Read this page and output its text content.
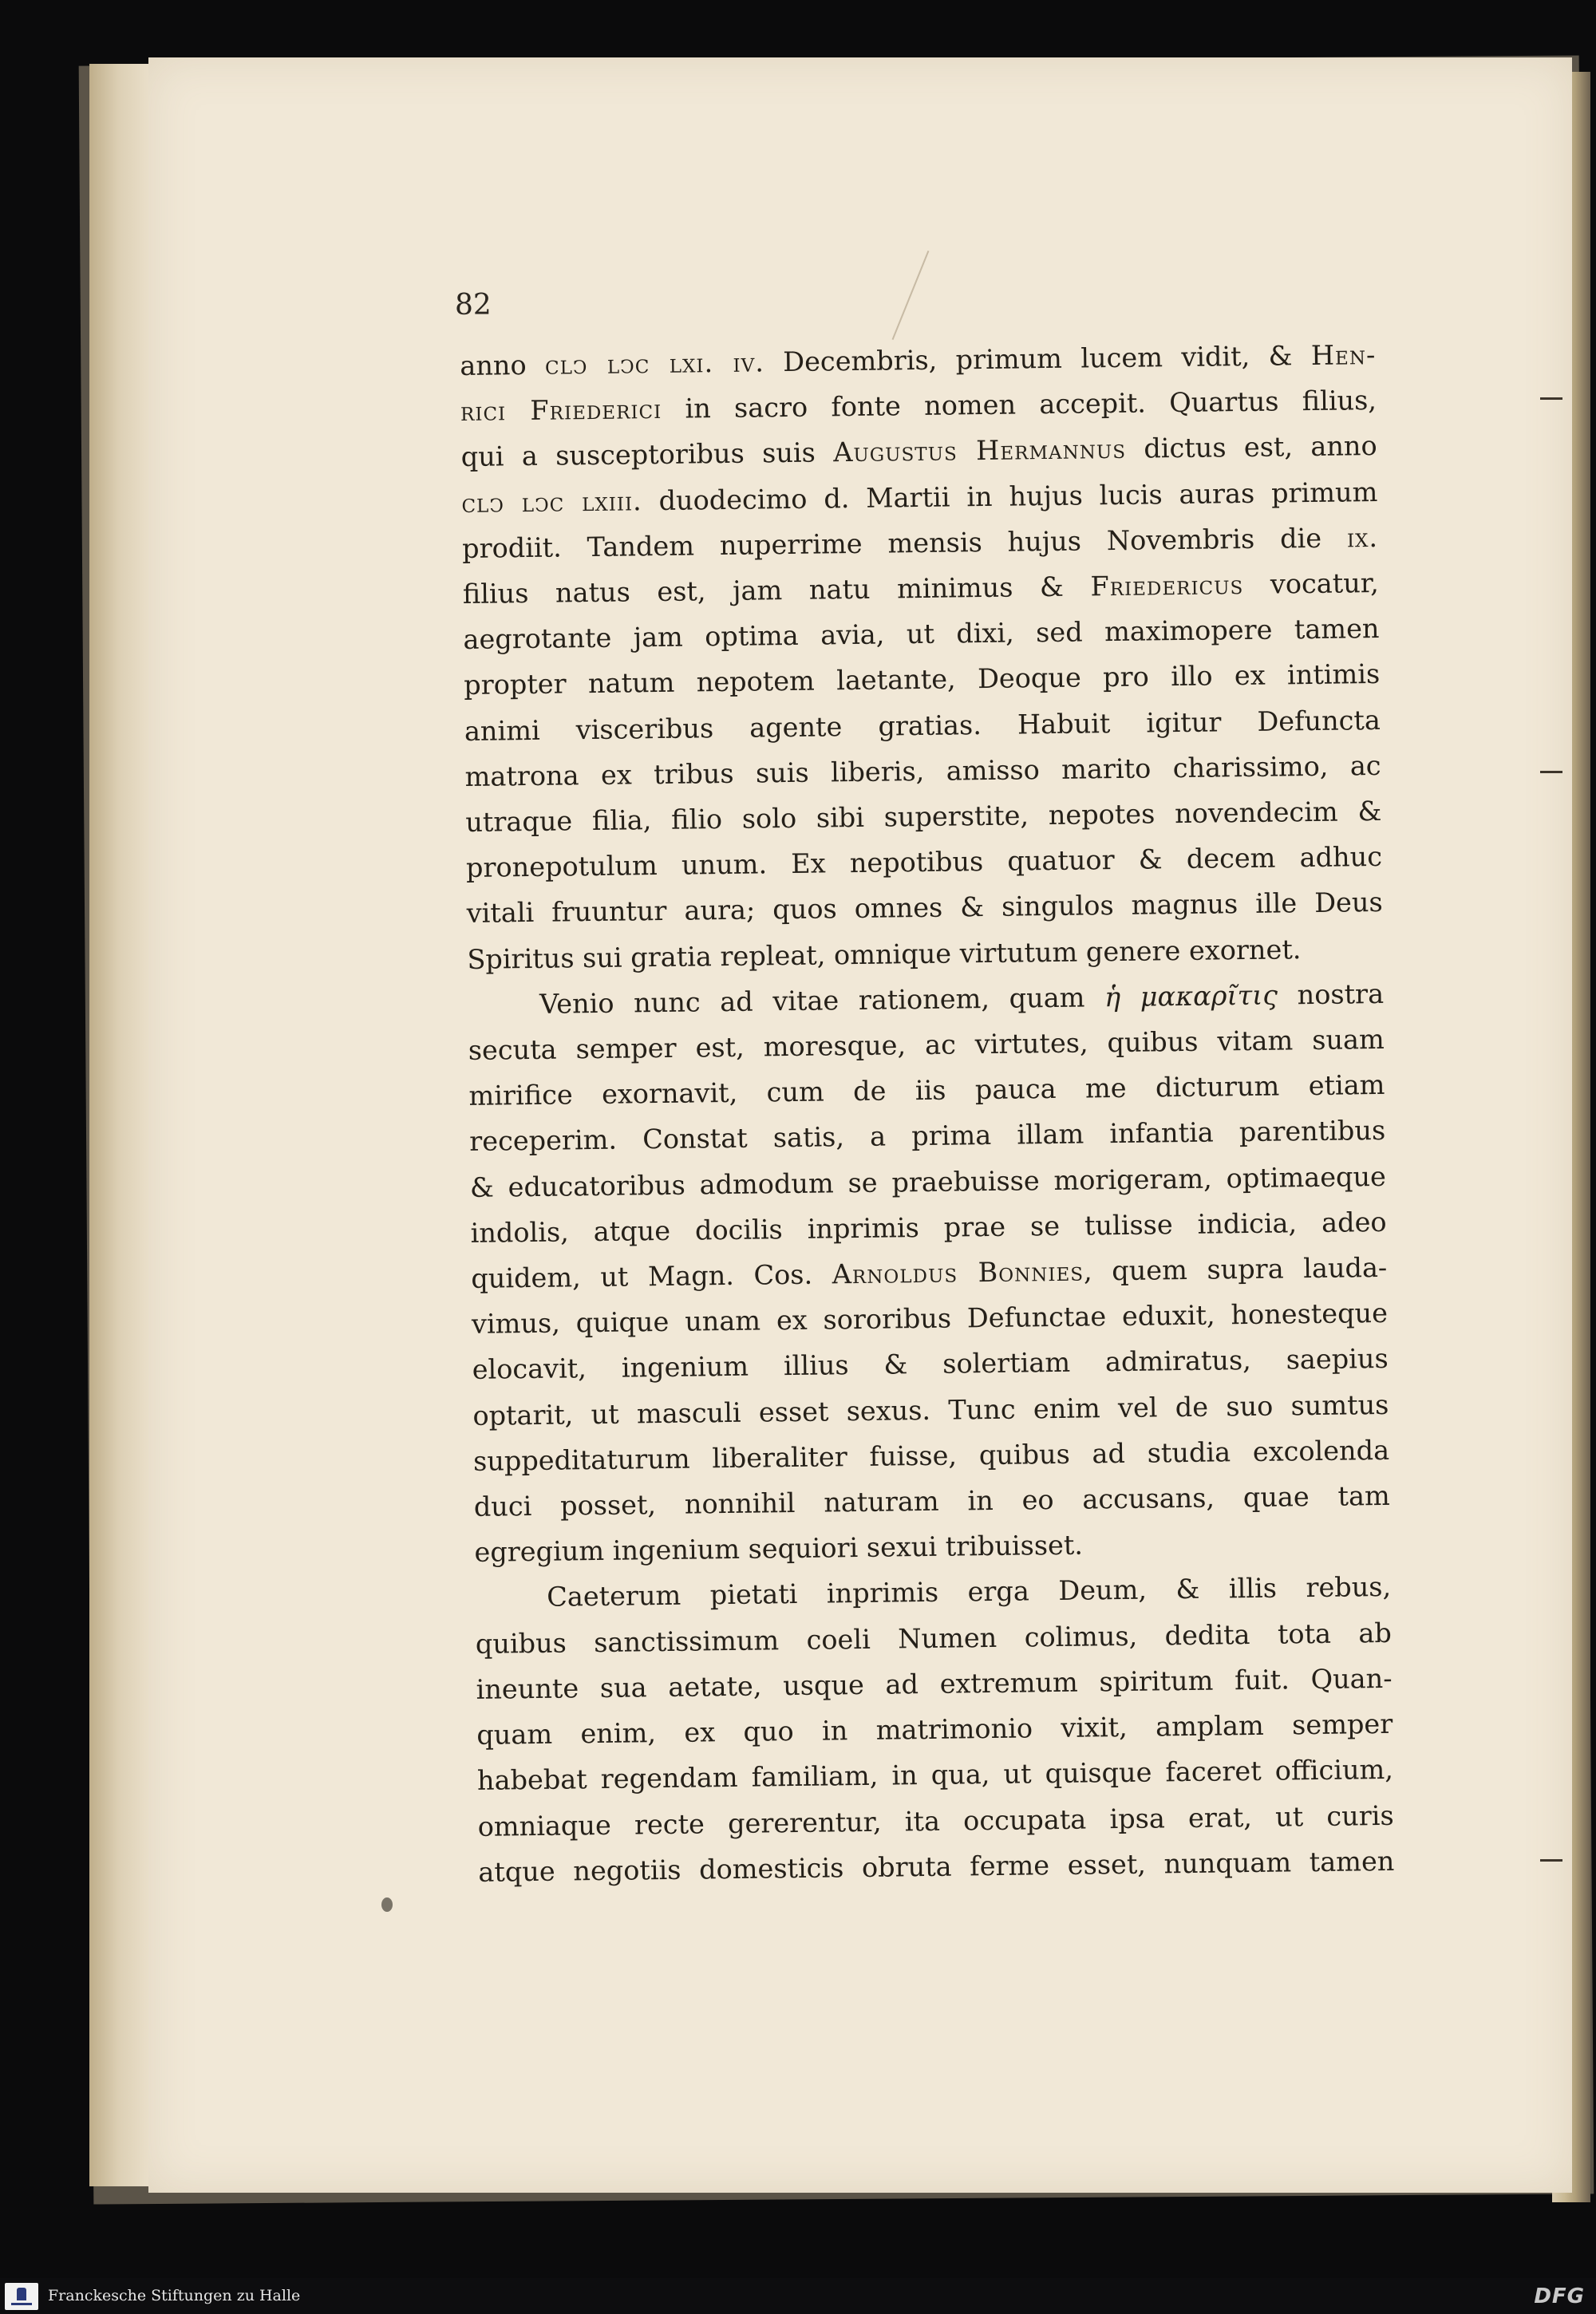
82
anno clↄ lↄc lxi. iv. Decembris, primum lucem vidit, & Hen-
rici Friederici in sacro fonte nomen accepit. Quartus filius,
qui a susceptoribus suis Augustus Hermannus dictus est, anno
clↄ lↄc lxiii. duodecimo d. Martii in hujus lucis auras primum
prodiit. Tandem nuperrime mensis hujus Novembris die ix.
filius natus est, jam natu minimus & Friedericus vocatur,
aegrotante jam optima avia, ut dixi, sed maximopere tamen
propter natum nepotem laetante, Deoque pro illo ex intimis
animi visceribus agente gratias. Habuit igitur Defuncta
matrona ex tribus suis liberis, amisso marito charissimo, ac
utraque filia, filio solo sibi superstite, nepotes novendecim &
pronepotulum unum. Ex nepotibus quatuor & decem adhuc
vitali fruuntur aura; quos omnes & singulos magnus ille Deus
Spiritus sui gratia repleat, omnique virtutum genere exornet.
Venio nunc ad vitae rationem, quam ἡ μακαρῖτις nostra
secuta semper est, moresque, ac virtutes, quibus vitam suam
mirifice exornavit, cum de iis pauca me dicturum etiam
receperim. Constat satis, a prima illam infantia parentibus
& educatoribus admodum se praebuisse morigeram, optimaeque
indolis, atque docilis inprimis prae se tulisse indicia, adeo
quidem, ut Magn. Cos. Arnoldus Bonnies, quem supra lauda-
vimus, quique unam ex sororibus Defunctae eduxit, honesteque
elocavit, ingenium illius & solertiam admiratus, saepius
optarit, ut masculi esset sexus. Tunc enim vel de suo sumtus
suppeditaturum liberaliter fuisse, quibus ad studia excolenda
duci posset, nonnihil naturam in eo accusans, quae tam
egregium ingenium sequiori sexui tribuisset.
Caeterum pietati inprimis erga Deum, & illis rebus,
quibus sanctissimum coeli Numen colimus, dedita tota ab
ineunte sua aetate, usque ad extremum spiritum fuit. Quan-
quam enim, ex quo in matrimonio vixit, amplam semper
habebat regendam familiam, in qua, ut quisque faceret officium,
omniaque recte gererentur, ita occupata ipsa erat, ut curis
atque negotiis domesticis obruta ferme esset, nunquam tamen
Franckesche Stiftungen zu Halle	DFG
